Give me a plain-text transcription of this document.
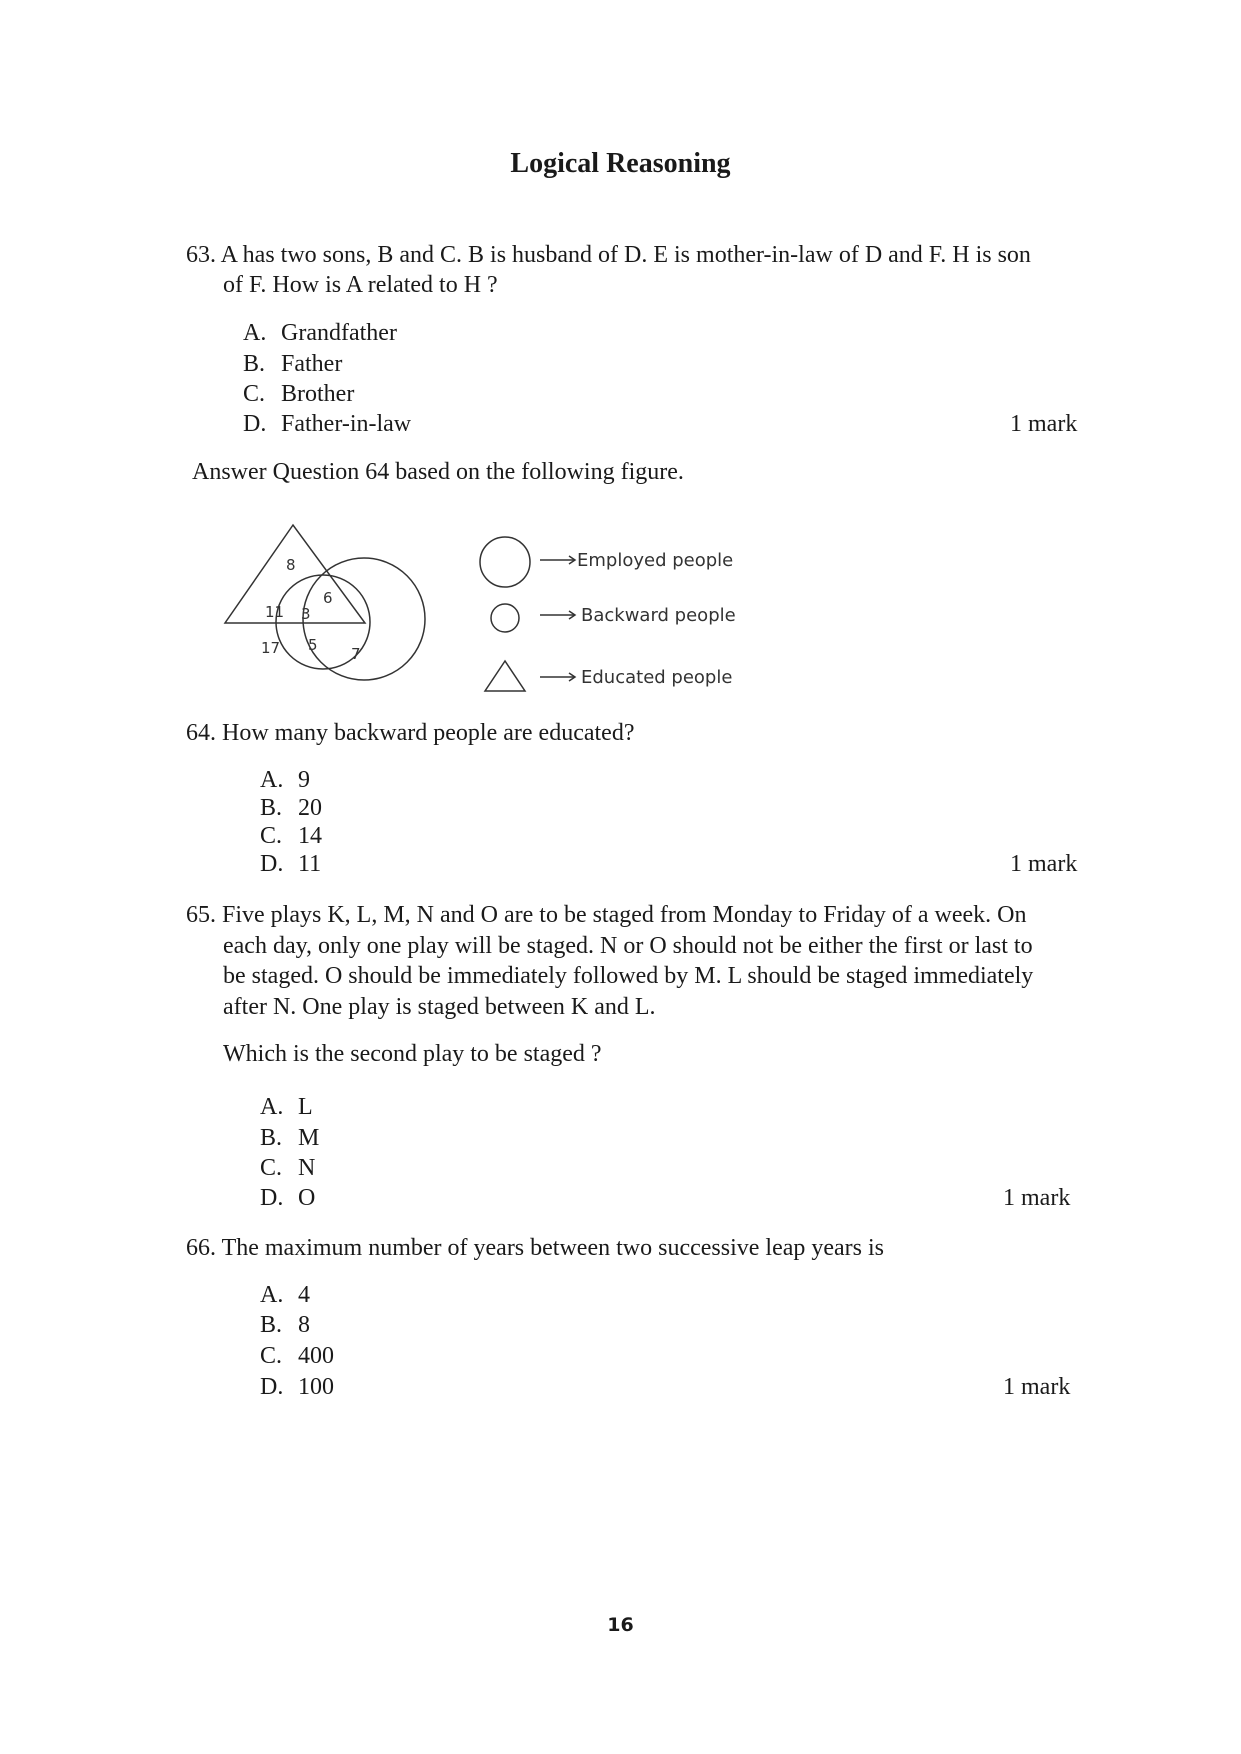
Logical Reasoning
63. A has two sons, B and C. B is husband of D. E is mother-in-law of D and F. H is son
of F. How is A related to H ?
A. Grandfather
B. Father
C. Brother
D. Father-in-law	1 mark
Answer Question 64 based on the following figure.
8
6
11 3
17 5 7
Employed people
Backward people
Educated people
64. How many backward people are educated?
A. 9
B. 20
C. 14
D. 11	1 mark
65. Five plays K, L, M, N and O are to be staged from Monday to Friday of a week. On
each day, only one play will be staged. N or O should not be either the first or last to
be staged. O should be immediately followed by M. L should be staged immediately
after N. One play is staged between K and L.
Which is the second play to be staged ?
A. L
B. M
C. N
D. O	1 mark
66. The maximum number of years between two successive leap years is
A. 4
B. 8
C. 400
D. 100	1 mark
16
